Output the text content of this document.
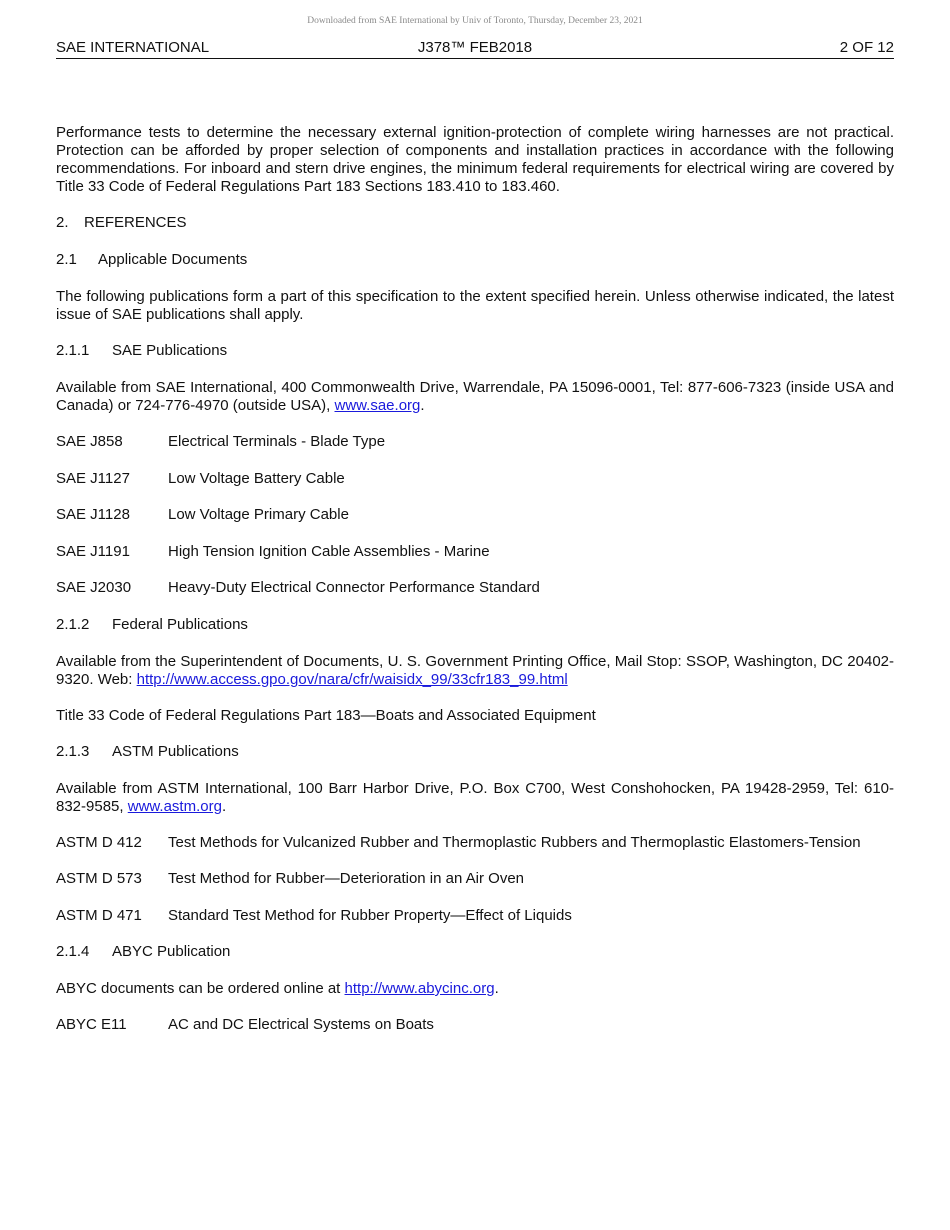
Downloaded from SAE International by Univ of Toronto, Thursday, December 23, 2021
SAE INTERNATIONAL	J378™ FEB2018	2 OF 12

Performance tests to determine the necessary external ignition-protection of complete wiring harnesses are not practical. Protection can be afforded by proper selection of components and installation practices in accordance with the following recommendations. For inboard and stern drive engines, the minimum federal requirements for electrical wiring are covered by Title 33 Code of Federal Regulations Part 183 Sections 183.410 to 183.460.

2. REFERENCES

2.1 Applicable Documents

The following publications form a part of this specification to the extent specified herein. Unless otherwise indicated, the latest issue of SAE publications shall apply.

2.1.1 SAE Publications

Available from SAE International, 400 Commonwealth Drive, Warrendale, PA 15096-0001, Tel: 877-606-7323 (inside USA and Canada) or 724-776-4970 (outside USA), www.sae.org.

SAE J858	Electrical Terminals - Blade Type
SAE J1127	Low Voltage Battery Cable
SAE J1128	Low Voltage Primary Cable
SAE J1191	High Tension Ignition Cable Assemblies - Marine
SAE J2030	Heavy-Duty Electrical Connector Performance Standard

2.1.2 Federal Publications

Available from the Superintendent of Documents, U. S. Government Printing Office, Mail Stop: SSOP, Washington, DC 20402-9320. Web: http://www.access.gpo.gov/nara/cfr/waisidx_99/33cfr183_99.html

Title 33 Code of Federal Regulations Part 183—Boats and Associated Equipment

2.1.3 ASTM Publications

Available from ASTM International, 100 Barr Harbor Drive, P.O. Box C700, West Conshohocken, PA 19428-2959, Tel: 610-832-9585, www.astm.org.

ASTM D 412	Test Methods for Vulcanized Rubber and Thermoplastic Rubbers and Thermoplastic Elastomers-Tension
ASTM D 573	Test Method for Rubber—Deterioration in an Air Oven
ASTM D 471	Standard Test Method for Rubber Property—Effect of Liquids

2.1.4 ABYC Publication

ABYC documents can be ordered online at http://www.abycinc.org.

ABYC E11	AC and DC Electrical Systems on Boats
